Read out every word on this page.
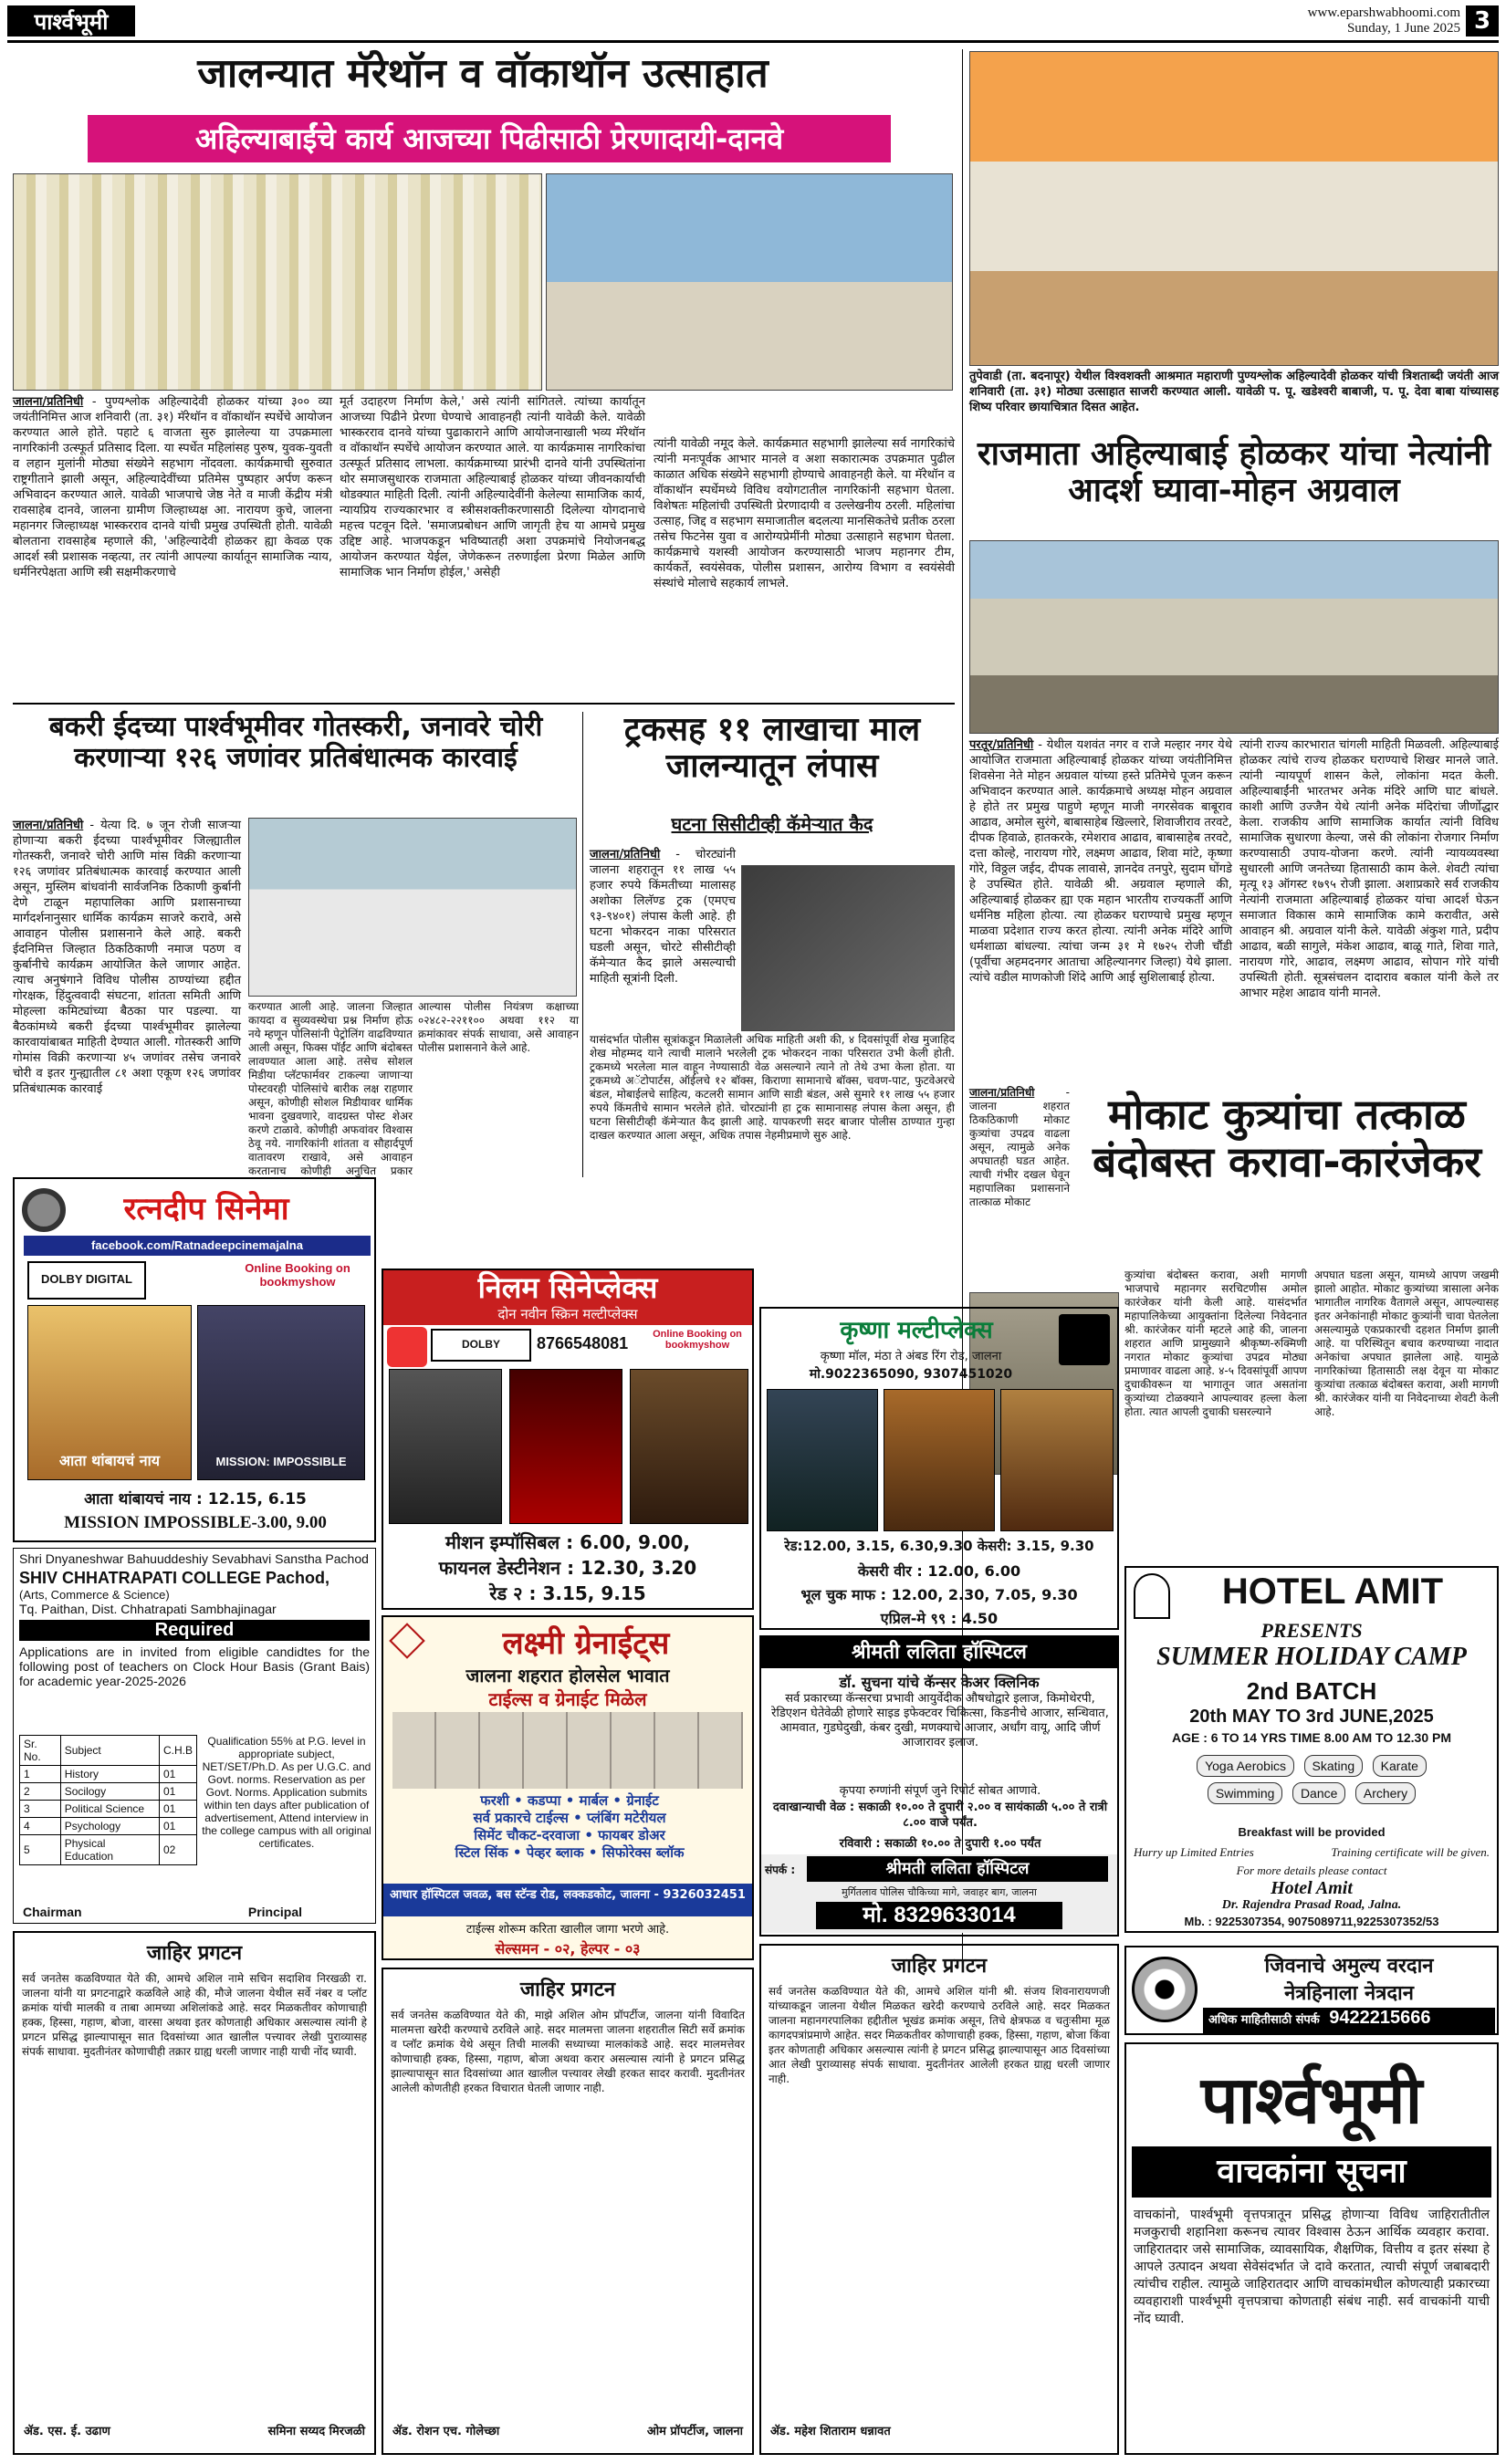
पार्श्वभूमी	www.eparshwabhoomi.com
Sunday, 1 June 2025 3
जालन्यात मॅरेथॉन व वॉकाथॉन उत्साहात
अहिल्याबाईंचे कार्य आजच्या पिढीसाठी प्रेरणादायी-दानवे
जालना/प्रतिनिधी - पुण्यश्लोक अहिल्यादेवी होळकर यांच्या ३०० व्या जयंतीनिमित्त आज शनिवारी (ता. ३१) मॅरेथॉन व वॉकाथॉन स्पर्धेचे आयोजन करण्यात आले होते. पहाटे ६ वाजता सुरु झालेल्या या उपक्रमाला नागरिकांनी उत्स्फूर्त प्रतिसाद दिला. या स्पर्धेत महिलांसह पुरुष, युवक-युवती व लहान मुलांनी मोठ्या संख्येने सहभाग नोंदवला. कार्यक्रमाची सुरुवात राष्ट्रगीताने झाली असून, अहिल्यादेवींच्या प्रतिमेस पुष्पहार अर्पण करून अभिवादन करण्यात आले. यावेळी भाजपाचे जेष्ठ नेते व माजी केंद्रीय मंत्री रावसाहेब दानवे, जालना ग्रामीण जिल्हाध्यक्ष आ. नारायण कुचे, जालना महानगर जिल्हाध्यक्ष भास्करराव दानवे यांची प्रमुख उपस्थिती होती. यावेळी बोलताना रावसाहेब म्हणाले की, 'अहिल्यादेवी होळकर ह्या केवळ एक आदर्श स्त्री प्रशासक नव्हत्या, तर त्यांनी आपल्या कार्यातून सामाजिक न्याय, धर्मनिरपेक्षता आणि स्त्री सक्षमीकरणाचे
मूर्त उदाहरण निर्माण केले,' असे त्यांनी सांगितले. त्यांच्या कार्यातून आजच्या पिढीने प्रेरणा घेण्याचे आवाहनही त्यांनी यावेळी केले. यावेळी भास्करराव दानवे यांच्या पुढाकाराने आणि आयोजनाखाली भव्य मॅरेथॉन व वॉकाथॉन स्पर्धेचे आयोजन करण्यात आले. या कार्यक्रमास नागरिकांचा उत्स्फूर्त प्रतिसाद लाभला. कार्यक्रमाच्या प्रारंभी दानवे यांनी उपस्थितांना थोर समाजसुधारक राजमाता अहिल्याबाई होळकर यांच्या जीवनकार्याची थोडक्यात माहिती दिली. त्यांनी अहिल्यादेवींनी केलेल्या सामाजिक कार्य, न्यायप्रिय राज्यकारभार व स्त्रीसशक्तीकरणासाठी दिलेल्या योगदानाचे महत्त्व पटवून दिले. 'समाजप्रबोधन आणि जागृती हेच या आमचे प्रमुख उद्दिष्ट आहे. भाजपकडून भविष्यातही अशा उपक्रमांचे नियोजनबद्ध आयोजन करण्यात येईल, जेणेकरून तरुणाईला प्रेरणा मिळेल आणि सामाजिक भान निर्माण होईल,' असेही
त्यांनी यावेळी नमूद केले. कार्यक्रमात सहभागी झालेल्या सर्व नागरिकांचे त्यांनी मनःपूर्वक आभार मानले व अशा सकारात्मक उपक्रमात पुढील काळात अधिक संख्येने सहभागी होण्याचे आवाहनही केले. या मॅरेथॉन व वॉकाथॉन स्पर्धेमध्ये विविध वयोगटातील नागरिकांनी सहभाग घेतला. विशेषतः महिलांची उपस्थिती प्रेरणादायी व उल्लेखनीय ठरली. महिलांचा उत्साह, जिद्द व सहभाग समाजातील बदलत्या मानसिकतेचे प्रतीक ठरला तसेच फिटनेस युवा व आरोग्यप्रेमींनी मोठ्या उत्साहाने सहभाग घेतला. कार्यक्रमाचे यशस्वी आयोजन करण्यासाठी भाजप महानगर टीम, कार्यकर्ते, स्वयंसेवक, पोलीस प्रशासन, आरोग्य विभाग व स्वयंसेवी संस्थांचे मोलाचे सहकार्य लाभले.
तुपेवाडी (ता. बदनापूर) येथील विश्वशक्ती आश्रमात महाराणी पुण्यश्लोक अहिल्यादेवी होळकर यांची त्रिशताब्दी जयंती आज शनिवारी (ता. ३१) मोठ्या उत्साहात साजरी करण्यात आली. यावेळी प. पू. खडेश्वरी बाबाजी, प. पू. देवा बाबा यांच्यासह शिष्य परिवार छायाचित्रात दिसत आहेत.
राजमाता अहिल्याबाई होळकर यांचा नेत्यांनी आदर्श घ्यावा-मोहन अग्रवाल
परतूर/प्रतिनिधी - येथील यशवंत नगर व राजे मल्हार नगर येथे आयोजित राजमाता अहिल्याबाई होळकर यांच्या जयंतीनिमित्त शिवसेना नेते मोहन अग्रवाल यांच्या हस्ते प्रतिमेचे पूजन करून अभिवादन करण्यात आले. कार्यक्रमाचे अध्यक्ष मोहन अग्रवाल हे होते तर प्रमुख पाहुणे म्हणून माजी नगरसेवक बाबूराव आढाव, अमोल सुरंगे, बाबासाहेब खिल्लारे, शिवाजीराव तरवटे, दीपक हिवाळे, हातकरके, रमेशराव आढाव, बाबासाहेब तरवटे, दत्ता कोल्हे, नारायण गोरे, लक्ष्मण आढाव, शिवा मांटे, कृष्णा गोरे, विठ्ठल जईद, दीपक लावासे, ज्ञानदेव तनपुरे, सुदाम घोंगडे हे उपस्थित होते. यावेळी श्री. अग्रवाल म्हणाले की, अहिल्याबाई होळकर ह्या एक महान भारतीय राज्यकर्ती आणि धर्मनिष्ठ महिला होत्या. त्या होळकर घराण्याचे प्रमुख म्हणून माळवा प्रदेशात राज्य करत होत्या. त्यांनी अनेक मंदिरे आणि धर्मशाळा बांधल्या. त्यांचा जन्म ३१ मे १७२५ रोजी चौंडी (पूर्वीचा अहमदनगर आताचा अहिल्यानगर जिल्हा) येथे झाला. त्यांचे वडील माणकोजी शिंदे आणि आई सुशिलाबाई होत्या.
त्यांनी राज्य कारभारात चांगली माहिती मिळवली. अहिल्याबाई होळकर त्यांचे राज्य होळकर घराण्याचे शिखर मानले जाते. त्यांनी न्यायपूर्ण शासन केले, लोकांना मदत केली. अहिल्याबाईंनी भारतभर अनेक मंदिरे आणि घाट बांधले. काशी आणि उज्जैन येथे त्यांनी अनेक मंदिरांचा जीर्णोद्धार केला. राजकीय आणि सामाजिक कार्यात त्यांनी विविध सामाजिक सुधारणा केल्या, जसे की लोकांना रोजगार निर्माण करण्यासाठी उपाय-योजना करणे. त्यांनी न्यायव्यवस्था सुधारली आणि जनतेच्या हितासाठी काम केले. शेवटी त्यांचा मृत्यू १३ ऑगस्ट १७९५ रोजी झाला. अशाप्रकारे सर्व राजकीय नेत्यांनी राजमाता अहिल्याबाई होळकर यांचा आदर्श घेऊन समाजात विकास कामे सामाजिक कामे करावीत, असे आवाहन श्री. अग्रवाल यांनी केले. यावेळी अंकुश गाते, प्रदीप आढाव, बळी सागुले, मंकेश आढाव, बाळू गाते, शिवा गाते, नारायण गोरे, आढाव, लक्ष्मण आढाव, सोपान गोरे यांची उपस्थिती होती. सूत्रसंचलन दादाराव बकाल यांनी केले तर आभार महेश आढाव यांनी मानले.
बकरी ईदच्या पार्श्वभूमीवर गोतस्करी, जनावरे चोरी करणाऱ्या १२६ जणांवर प्रतिबंधात्मक कारवाई
जालना/प्रतिनिधी - येत्या दि. ७ जून रोजी साजऱ्या होणाऱ्या बकरी ईदच्या पार्श्वभूमीवर जिल्ह्यातील गोतस्करी, जनावरे चोरी आणि मांस विक्री करणाऱ्या १२६ जणांवर प्रतिबंधात्मक कारवाई करण्यात आली असून, मुस्लिम बांधवांनी सार्वजनिक ठिकाणी कुर्बानी देणे टाळून महापालिका आणि प्रशासनाच्या मार्गदर्शनानुसार धार्मिक कार्यक्रम साजरे करावे, असे आवाहन पोलीस प्रशासनाने केले आहे. बकरी ईदनिमित्त जिल्हात ठिकठिकाणी नमाज पठण व कुर्बानीचे कार्यक्रम आयोजित केले जाणार आहेत. त्याच अनुषंगाने विविध पोलीस ठाण्यांच्या हद्दीत गोरक्षक, हिंदुत्ववादी संघटना, शांतता समिती आणि मोहल्ला कमिट्यांच्या बैठका पार पडल्या. या बैठकांमध्ये बकरी ईदच्या पार्श्वभूमीवर झालेल्या कारवायांबाबत माहिती देण्यात आली. गोतस्करी आणि गोमांस विक्री करणाऱ्या ४५ जणांवर तसेच जनावरे चोरी व इतर गुन्ह्यातील ८१ अशा एकूण १२६ जणांवर प्रतिबंधात्मक कारवाई
करण्यात आली आहे. जालना जिल्हात कायदा व सुव्यवस्थेचा प्रश्न निर्माण होऊ नये म्हणून पोलिसांनी पेट्रोलिंग वाढविण्यात आली असून, फिक्स पॉईंट आणि बंदोबस्त लावण्यात आला आहे. तसेच सोशल मिडीया प्लॅटफार्मवर टाकल्या जाणाऱ्या पोस्टवरही पोलिसांचे बारीक लक्ष राहणार असून, कोणीही सोशल मिडीयावर धार्मिक भावना दुखवणारे, वादग्रस्त पोस्ट शेअर करणे टाळावे. कोणीही अफवांवर विश्वास ठेवू नये. नागरिकांनी शांतता व सौहार्दपूर्ण वातावरण राखावे, असे आवाहन करतानाच कोणीही अनुचित प्रकार
आल्यास पोलीस नियंत्रण कक्षाच्या ०२४८२-२२११०० अथवा ११२ या क्रमांकावर संपर्क साधावा, असे आवाहन पोलीस प्रशासनाने केले आहे.
ट्रकसह ११ लाखाचा माल जालन्यातून लंपास
घटना सिसीटीव्ही कॅमेऱ्यात कैद
जालना/प्रतिनिधी - चोरट्यांनी जालना शहरातून ११ लाख ५५ हजार रुपये किंमतीच्या मालासह अशोका लिलॅण्ड ट्रक (एमएच ९३-९४०१) लंपास केली आहे. ही घटना भोकरदन नाका परिसरात घडली असून, चोरटे सीसीटीव्ही कॅमेऱ्यात कैद झाले असल्याची माहिती सूत्रांनी दिली.
यासंदर्भात पोलीस सूत्रांकडून मिळालेली अधिक माहिती अशी की, ४ दिवसांपूर्वी शेख मुजाहिद शेख मोहम्मद याने त्याची मालाने भरलेली ट्रक भोकरदन नाका परिसरात उभी केली होती. ट्रकमध्ये भरलेला माल वाहून नेण्यासाठी वेळ असल्याने त्याने तो तेथे उभा केला होता. या ट्रकमध्ये अॅटोपार्टस, ऑईलचे १२ बॉक्स, किराणा सामानाचे बॉक्स, चवण-पाट, फुटवेअरचे बंडल, मोबाईलचे साहित्य, कटलरी सामान आणि साडी बंडल, असे सुमारे ११ लाख ५५ हजार रुपये किंमतीचे सामान भरलेले होते. चोरट्यांनी हा ट्रक सामानासह लंपास केला असून, ही घटना सिसीटीव्ही कॅमेऱ्यात कैद झाली आहे. यापकरणी सदर बाजार पोलीस ठाण्यात गुन्हा दाखल करण्यात आला असून, अधिक तपास नेहमीप्रमाणे सुरु आहे.
जालना/प्रतिनिधी	- जालना शहरात ठिकठिकाणी मोकाट कुत्र्यांचा उपद्रव वाढला असून, त्यामुळे अनेक अपघातही घडत आहेत. त्याची गंभीर दखल घेवून महापालिका प्रशासनाने तात्काळ मोकाट
मोकाट कुत्र्यांचा तत्काळ बंदोबस्त करावा-कारंजेकर
कुत्र्यांचा बंदोबस्त करावा, अशी मागणी भाजपाचे महानगर सरचिटणीस अमोल कारंजेकर यांनी केली आहे. यासंदर्भात महापालिकेच्या आयुक्तांना दिलेल्या निवेदनात श्री. कारंजेकर यांनी म्हटले आहे की, जालना शहरात आणि प्रामुख्याने श्रीकृष्ण-रुक्मिणी नगरात मोकाट कुत्र्यांचा उपद्रव मोठ्या प्रमाणावर वाढला आहे. ४-५ दिवसांपूर्वी आपण दुचाकीवरून या भागातून जात असतांना कुत्र्यांच्या टोळक्याने आपल्यावर हल्ला केला होता. त्यात आपली दुचाकी घसरल्याने
अपघात घडला असून, यामध्ये आपण जखमी झालो आहोत. मोकाट कुत्र्यांच्या त्रासाला अनेक भागातील नागरिक वैतागले असून, आपल्यासह इतर अनेकांनाही मोकाट कुत्र्यांनी चावा घेतलेला असल्यामुळे एकप्रकारची दहशत निर्माण झाली आहे. या परिस्थितून बचाव करण्याच्या नादात अनेकांचा अपघात झालेला आहे. यामुळे नागरिकांच्या हितासाठी लक्ष देवून या मोकाट कुत्र्यांचा तत्काळ बंदोबस्त करावा, अशी मागणी श्री. कारंजेकर यांनी या निवेदनाच्या शेवटी केली आहे.
रत्नदीप सिनेमा
facebook.com/Ratnadeepcinemajalna
DOLBY DIGITAL
Online Booking on bookmyshow
आता थांबायचं नाय	MISSION: IMPOSSIBLE
आता थांबायचं नाय : 12.15, 6.15
MISSION IMPOSSIBLE-3.00, 9.00
Shri Dnyaneshwar Bahuuddeshiy Sevabhavi Sanstha Pachod
SHIV CHHATRAPATI COLLEGE Pachod,
(Arts, Commerce & Science)
Tq. Paithan, Dist. Chhatrapati Sambhajinagar
Required
Applications are in invited from eligible candidtes for the following post of teachers on Clock Hour Basis (Grant Bais) for academic year-2025-2026
Sr. No.	Subject	C.H.B
1	History	01
2	Socilogy	01
3	Political Science	01
4	Psychology	01
5	Physical Education	02
Qualification 55% at P.G. level in appropriate subject, NET/SET/Ph.D. As per U.G.C. and Govt. norms. Reservation as per Govt. Norms. Application submits within ten days after publication of advertisement, Attend interview in the college campus with all original certificates.
Chairman	Principal
निलम सिनेप्लेक्स
दोन नवीन स्क्रिन मल्टीप्लेक्स
DOLBY	8766548081	Online Booking on bookmyshow
मीशन इम्पॉसिबल : 6.00, 9.00,
फायनल डेस्टीनेशन : 12.30, 3.20
रेड २ : 3.15, 9.15
कृष्णा मल्टीप्लेक्स
कृष्णा मॉल, मंठा ते अंबड रिंग रोड, जालना
मो.9022365090, 9307451020
रेड:12.00, 3.15, 6.30,9.30 केसरी: 3.15, 9.30
केसरी वीर : 12.00, 6.00
भूल चुक माफ : 12.00, 2.30, 7.05, 9.30
एप्रिल-मे ९९ : 4.50
लक्ष्मी ग्रेनाईट्स
जालना शहरात होलसेल भावात
टाईल्स व ग्रेनाईट मिळेल
फरशी • कडप्पा • मार्बल • ग्रेनाईट
सर्व प्रकारचे टाईल्स • प्लंबिंग मटेरीयल
सिमेंट चौकट-दरवाजा • फायबर डोअर
स्टिल सिंक • पेव्हर ब्लाक • सिफोरेक्स ब्लॉक
आधार हॉस्पिटल जवळ, बस स्टॅन्ड रोड, लक्कडकोट, जालना - 9326032451
टाईल्स शोरूम करिता खालील जागा भरणे आहे.
सेल्समन - ०२, हेल्पर - ०३
श्रीमती ललिता हॉस्पिटल
डॉ. सुचना यांचे कॅन्सर केअर क्लिनिक
सर्व प्रकारच्या कॅन्सरचा प्रभावी आयुर्वेदीक औषधोद्वारे इलाज, किमोथेरपी, रेडिएशन घेतेवेळी होणारे साइड इफेक्टवर चिकित्सा, किडनीचे आजार, सन्धिवात, आमवात, गुडघेदुखी, कंबर दुखी, मणक्याचे आजार, अर्धांग वायू, आदि जीर्ण आजारावर इलाज.
कृपया रुग्णांनी संपूर्ण जुने रिपोर्ट सोबत आणावे.
दवाखान्याची वेळ : सकाळी १०.०० ते दुपारी २.०० व सायंकाळी ५.०० ते रात्री ८.०० वाजे पर्यंत.
रविवारी : सकाळी १०.०० ते दुपारी १.०० पर्यंत
संपर्क :	श्रीमती ललिता हॉस्पिटल
मुर्गितलाव पोलिस चौकिच्या मागे, जवाहर बाग, जालना
मो. 8329633014
HOTEL AMIT
PRESENTS
SUMMER HOLIDAY CAMP
2nd BATCH
20th MAY TO 3rd JUNE,2025
AGE : 6 TO 14 YRS TIME 8.00 AM TO 12.30 PM
Yoga Aerobics Skating Karate
Swimming Dance Archery
Breakfast will be provided
Hurry up Limited Entries	Training certificate will be given.
For more details please contact
Hotel Amit
Dr. Rajendra Prasad Road, Jalna.
Mb. : 9225307354, 9075089711,9225307352/53
जिवनाचे अमुल्य वरदान
नेत्रहिनाला नेत्रदान
अधिक माहितीसाठी संपर्क 9422215666
पार्श्वभूमी
वाचकांना सूचना
वाचकांनो, पार्श्वभूमी वृत्तपत्रातून प्रसिद्ध होणाऱ्या विविध जाहिरातीतील मजकुराची शहानिशा करूनच त्यावर विश्वास ठेऊन आर्थिक व्यवहार करावा. जाहिरातदार जसे सामाजिक, व्यावसायिक, शैक्षणिक, वित्तीय व इतर संस्था हे आपले उत्पादन अथवा सेवेसंदर्भात जे दावे करतात, त्याची संपूर्ण जबाबदारी त्यांचीच राहील. त्यामुळे जाहिरातदार आणि वाचकांमधील कोणत्याही प्रकारच्या व्यवहाराशी पार्श्वभूमी वृत्तपत्राचा कोणताही संबंध नाही. सर्व वाचकांनी याची नोंद घ्यावी.
जाहिर प्रगटन
सर्व जनतेस कळविण्यात येते की, आमचे अशिल नामे सचिन सदाशिव निरखळी रा. जालना यांनी या प्रगटनाद्वारे कळविले आहे की, मौजे जालना येथील सर्वे नंबर व प्लॉट क्रमांक यांची मालकी व ताबा आमच्या अशिलांकडे आहे. सदर मिळकतीवर कोणाचाही हक्क, हिस्सा, गहाण, बोजा, वारसा अथवा इतर कोणताही अधिकार असल्यास त्यांनी हे प्रगटन प्रसिद्ध झाल्यापासून सात दिवसांच्या आत खालील पत्त्यावर लेखी पुराव्यासह संपर्क साधावा. मुदतीनंतर कोणाचीही तक्रार ग्राह्य धरली जाणार नाही याची नोंद घ्यावी.
ॲड. एस. ई. उढाण	समिना सय्यद मिरजळी
जाहिर प्रगटन
सर्व जनतेस कळविण्यात येते की, माझे अशिल ओम प्रॉपर्टीज, जालना यांनी विवादित मालमत्ता खरेदी करण्याचे ठरविले आहे. सदर मालमत्ता जालना शहरातील सिटी सर्वे क्रमांक व प्लॉट क्रमांक येथे असून तिची मालकी सध्याच्या मालकांकडे आहे. सदर मालमत्तेवर कोणाचाही हक्क, हिस्सा, गहाण, बोजा अथवा करार असल्यास त्यांनी हे प्रगटन प्रसिद्ध झाल्यापासून सात दिवसांच्या आत खालील पत्त्यावर लेखी हरकत सादर करावी. मुदतीनंतर आलेली कोणतीही हरकत विचारात घेतली जाणार नाही.
ॲड. रोशन एच. गोलेच्छा	ओम प्रॉपर्टीज, जालना
जाहिर प्रगटन
सर्व जनतेस कळविण्यात येते की, आमचे अशिल यांनी श्री. संजय शिवनारायणजी यांच्याकडून जालना येथील मिळकत खरेदी करण्याचे ठरविले आहे. सदर मिळकत जालना महानगरपालिका हद्दीतील भूखंड क्रमांक असून, तिचे क्षेत्रफळ व चतुःसीमा मूळ कागदपत्रांप्रमाणे आहेत. सदर मिळकतीवर कोणाचाही हक्क, हिस्सा, गहाण, बोजा किंवा इतर कोणताही अधिकार असल्यास त्यांनी हे प्रगटन प्रसिद्ध झाल्यापासून आठ दिवसांच्या आत लेखी पुराव्यासह संपर्क साधावा. मुदतीनंतर आलेली हरकत ग्राह्य धरली जाणार नाही.
ॲड. महेश शिताराम धन्नावत
